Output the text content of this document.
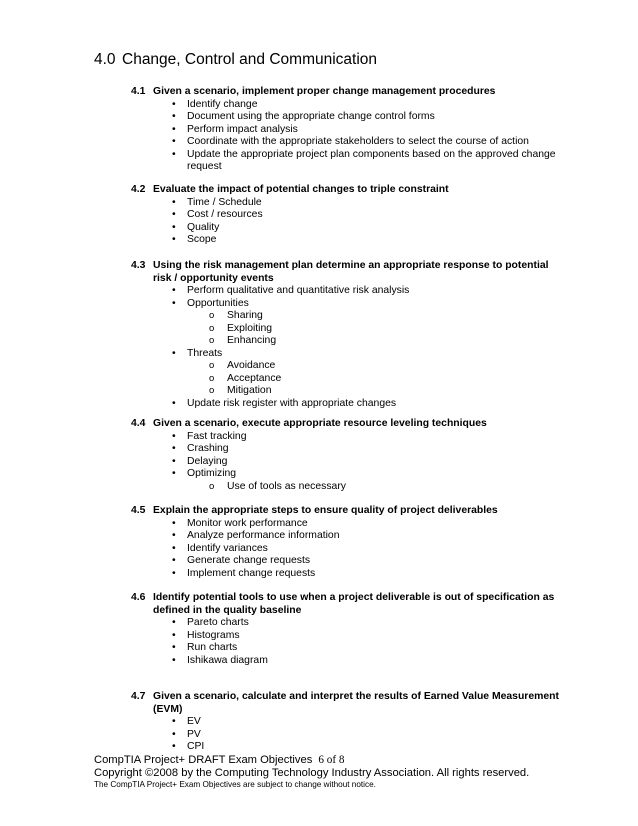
4.0 Change, Control and Communication
4.1 Given a scenario, implement proper change management procedures
• Identify change
• Document using the appropriate change control forms
• Perform impact analysis
• Coordinate with the appropriate stakeholders to select the course of action
• Update the appropriate project plan components based on the approved change request
4.2 Evaluate the impact of potential changes to triple constraint
• Time / Schedule
• Cost / resources
• Quality
• Scope
4.3 Using the risk management plan determine an appropriate response to potential risk / opportunity events
• Perform qualitative and quantitative risk analysis
• Opportunities
o Sharing
o Exploiting
o Enhancing
• Threats
o Avoidance
o Acceptance
o Mitigation
• Update risk register with appropriate changes
4.4 Given a scenario, execute appropriate resource leveling techniques
• Fast tracking
• Crashing
• Delaying
• Optimizing
o Use of tools as necessary
4.5 Explain the appropriate steps to ensure quality of project deliverables
• Monitor work performance
• Analyze performance information
• Identify variances
• Generate change requests
• Implement change requests
4.6 Identify potential tools to use when a project deliverable is out of specification as defined in the quality baseline
• Pareto charts
• Histograms
• Run charts
• Ishikawa diagram
4.7 Given a scenario, calculate and interpret the results of Earned Value Measurement (EVM)
• EV
• PV
• CPI
CompTIA Project+ DRAFT Exam Objectives 6 of 8
Copyright ©2008 by the Computing Technology Industry Association. All rights reserved.
The CompTIA Project+ Exam Objectives are subject to change without notice.
